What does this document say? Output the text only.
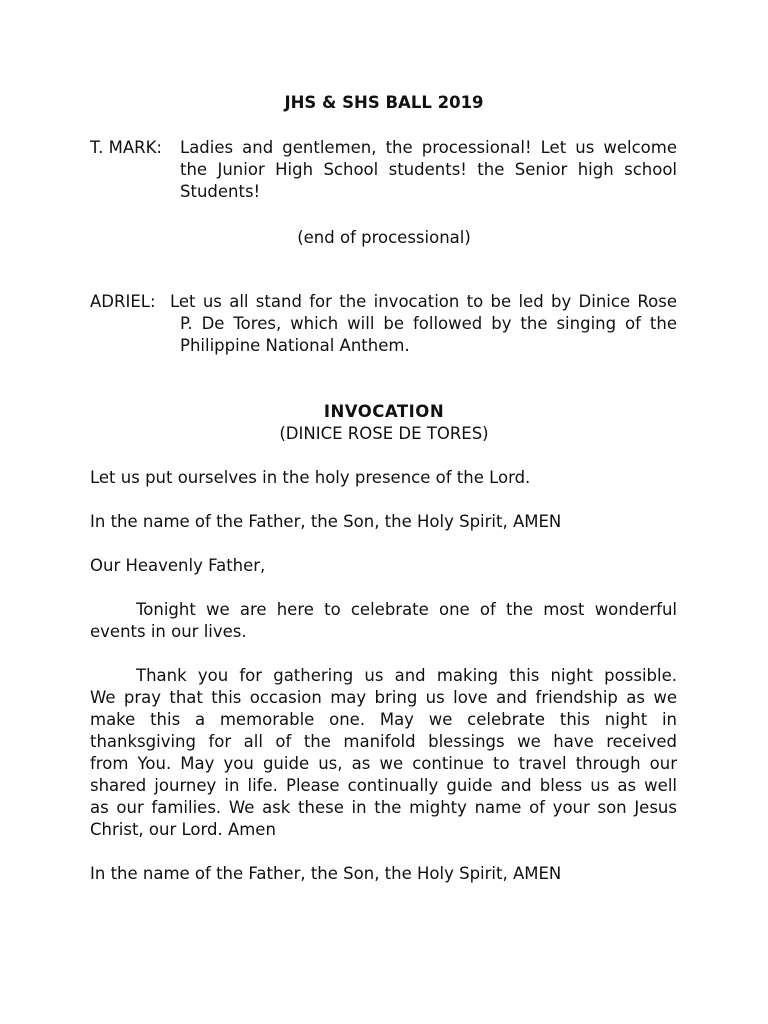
JHS & SHS BALL 2019
T. MARK: Ladies and gentlemen, the processional! Let us welcome
the Junior High School students! the Senior high school
Students!
(end of processional)
ADRIEL: Let us all stand for the invocation to be led by Dinice Rose
P. De Tores, which will be followed by the singing of the
Philippine National Anthem.
INVOCATION
(DINICE ROSE DE TORES)
Let us put ourselves in the holy presence of the Lord.
In the name of the Father, the Son, the Holy Spirit, AMEN
Our Heavenly Father,
Tonight we are here to celebrate one of the most wonderful
events in our lives.
Thank you for gathering us and making this night possible.
We pray that this occasion may bring us love and friendship as we
make this a memorable one. May we celebrate this night in
thanksgiving for all of the manifold blessings we have received
from You. May you guide us, as we continue to travel through our
shared journey in life. Please continually guide and bless us as well
as our families. We ask these in the mighty name of your son Jesus
Christ, our Lord. Amen
In the name of the Father, the Son, the Holy Spirit, AMEN
